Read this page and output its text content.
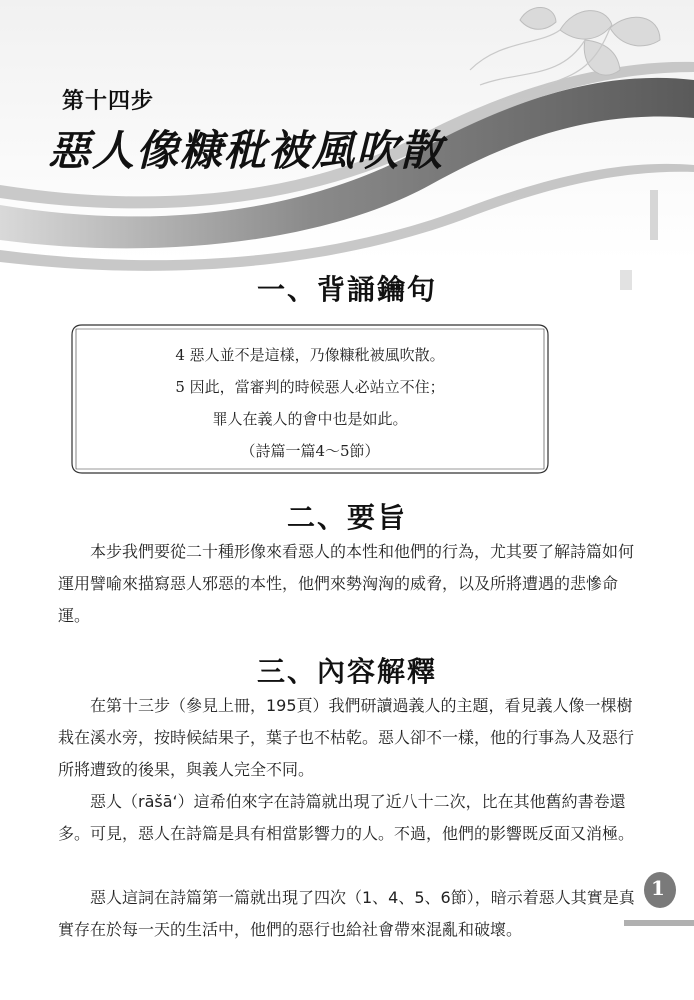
第十四步
惡人像糠秕被風吹散
一、背誦鑰句
4 惡人並不是這樣，乃像糠秕被風吹散。
5 因此，當審判的時候惡人必站立不住；
罪人在義人的會中也是如此。
（詩篇一篇4～5節）
二、要旨

本步我們要從二十種形像來看惡人的本性和他們的行為，尤其要了解詩篇如何運用譬喻來描寫惡人邪惡的本性，他們來勢洶洶的威脅，以及所將遭遇的悲慘命運。

三、內容解釋

在第十三步（參見上冊，195頁）我們研讀過義人的主題，看見義人像一棵樹栽在溪水旁，按時候結果子，葉子也不枯乾。惡人卻不一樣，他的行事為人及惡行所將遭致的後果，與義人完全不同。

惡人（rāšā‘）這希伯來字在詩篇就出現了近八十二次，比在其他舊約書卷還多。可見，惡人在詩篇是具有相當影響力的人。不過，他們的影響既反面又消極。

惡人這詞在詩篇第一篇就出現了四次（1、4、5、6節），暗示着惡人其實是真實存在於每一天的生活中，他們的惡行也給社會帶來混亂和破壞。

1
